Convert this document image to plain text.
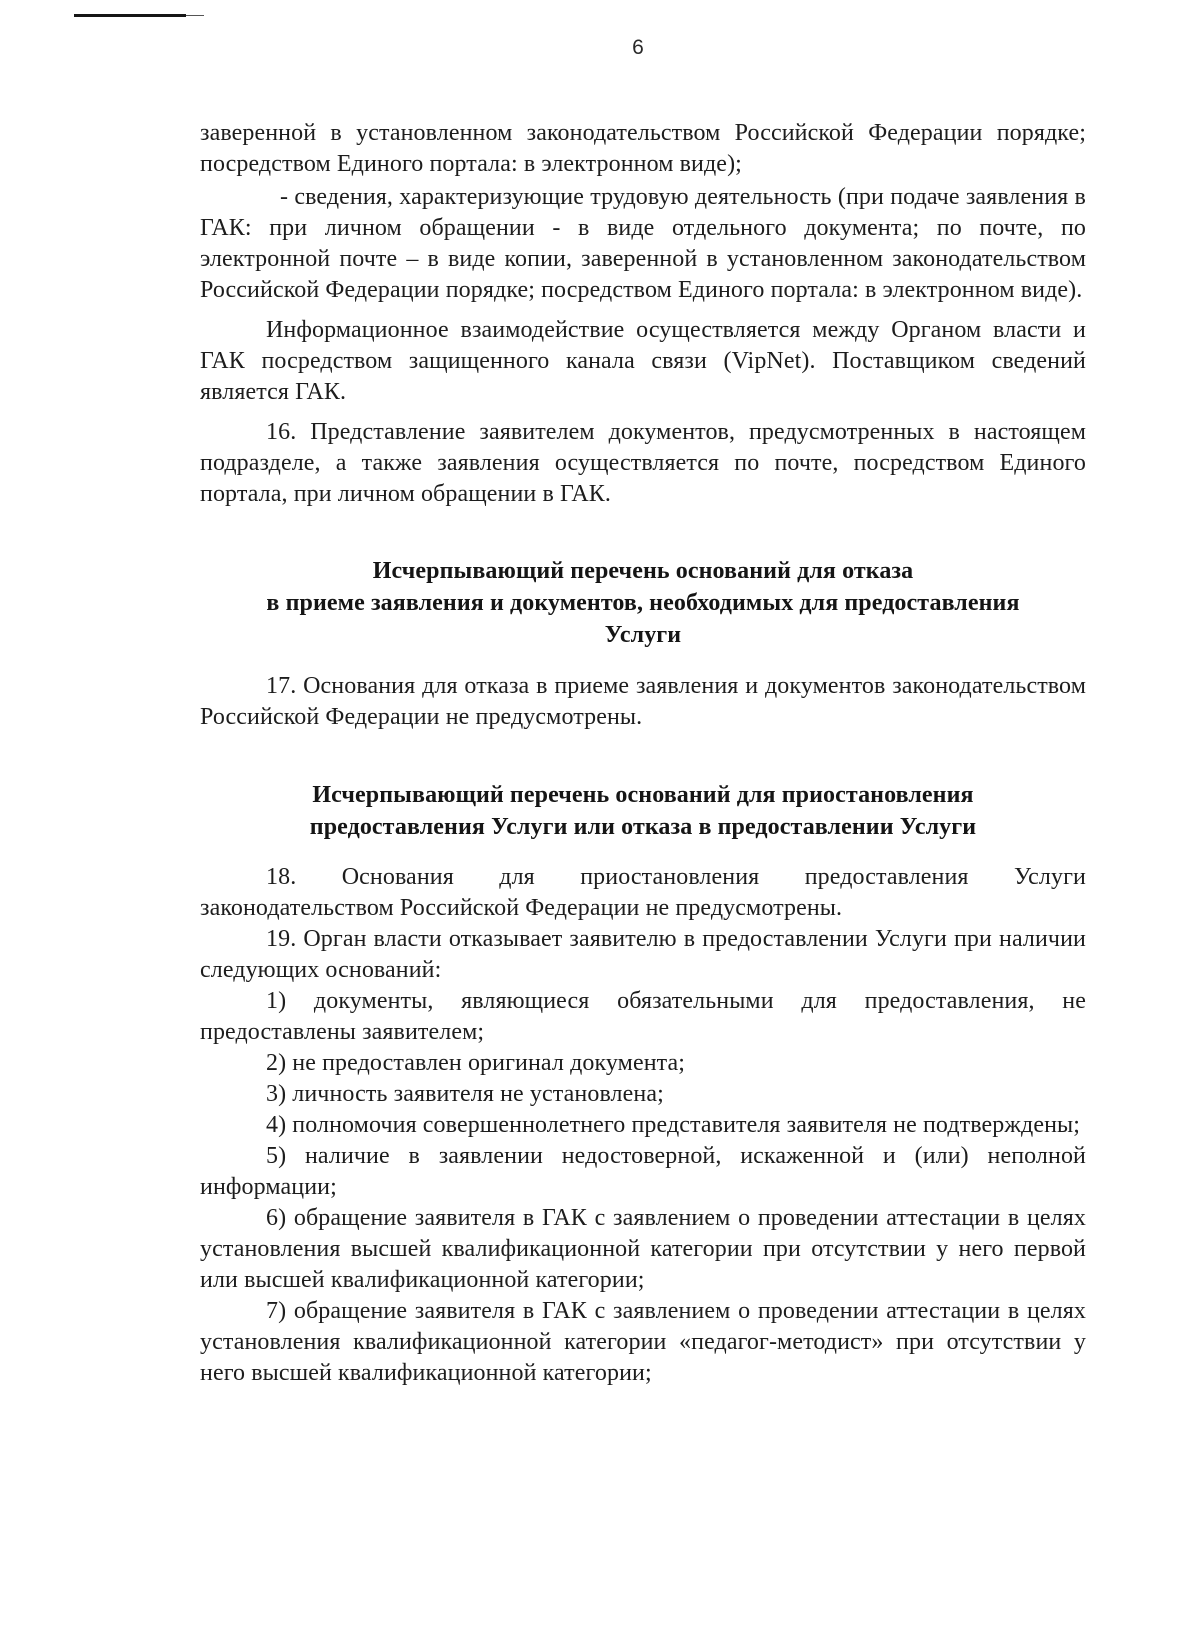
6

заверенной в установленном законодательством Российской Федерации порядке; посредством Единого портала: в электронном виде);

- сведения, характеризующие трудовую деятельность (при подаче заявления в ГАК: при личном обращении - в виде отдельного документа; по почте, по электронной почте – в виде копии, заверенной в установленном законодательством Российской Федерации порядке; посредством Единого портала: в электронном виде).

Информационное взаимодействие осуществляется между Органом власти и ГАК посредством защищенного канала связи (VipNet). Поставщиком сведений является ГАК.

16. Представление заявителем документов, предусмотренных в настоящем подразделе, а также заявления осуществляется по почте, посредством Единого портала, при личном обращении в ГАК.

Исчерпывающий перечень оснований для отказа
в приеме заявления и документов, необходимых для предоставления
Услуги

17. Основания для отказа в приеме заявления и документов законодательством Российской Федерации не предусмотрены.

Исчерпывающий перечень оснований для приостановления
предоставления Услуги или отказа в предоставлении Услуги

18. Основания для приостановления предоставления Услуги законодательством Российской Федерации не предусмотрены.

19. Орган власти отказывает заявителю в предоставлении Услуги при наличии следующих оснований:

1) документы, являющиеся обязательными для предоставления, не предоставлены заявителем;

2) не предоставлен оригинал документа;

3) личность заявителя не установлена;

4) полномочия совершеннолетнего представителя заявителя не подтверждены;

5) наличие в заявлении недостоверной, искаженной и (или) неполной информации;

6) обращение заявителя в ГАК с заявлением о проведении аттестации в целях установления высшей квалификационной категории при отсутствии у него первой или высшей квалификационной категории;

7) обращение заявителя в ГАК с заявлением о проведении аттестации в целях установления квалификационной категории «педагог-методист» при отсутствии у него высшей квалификационной категории;
